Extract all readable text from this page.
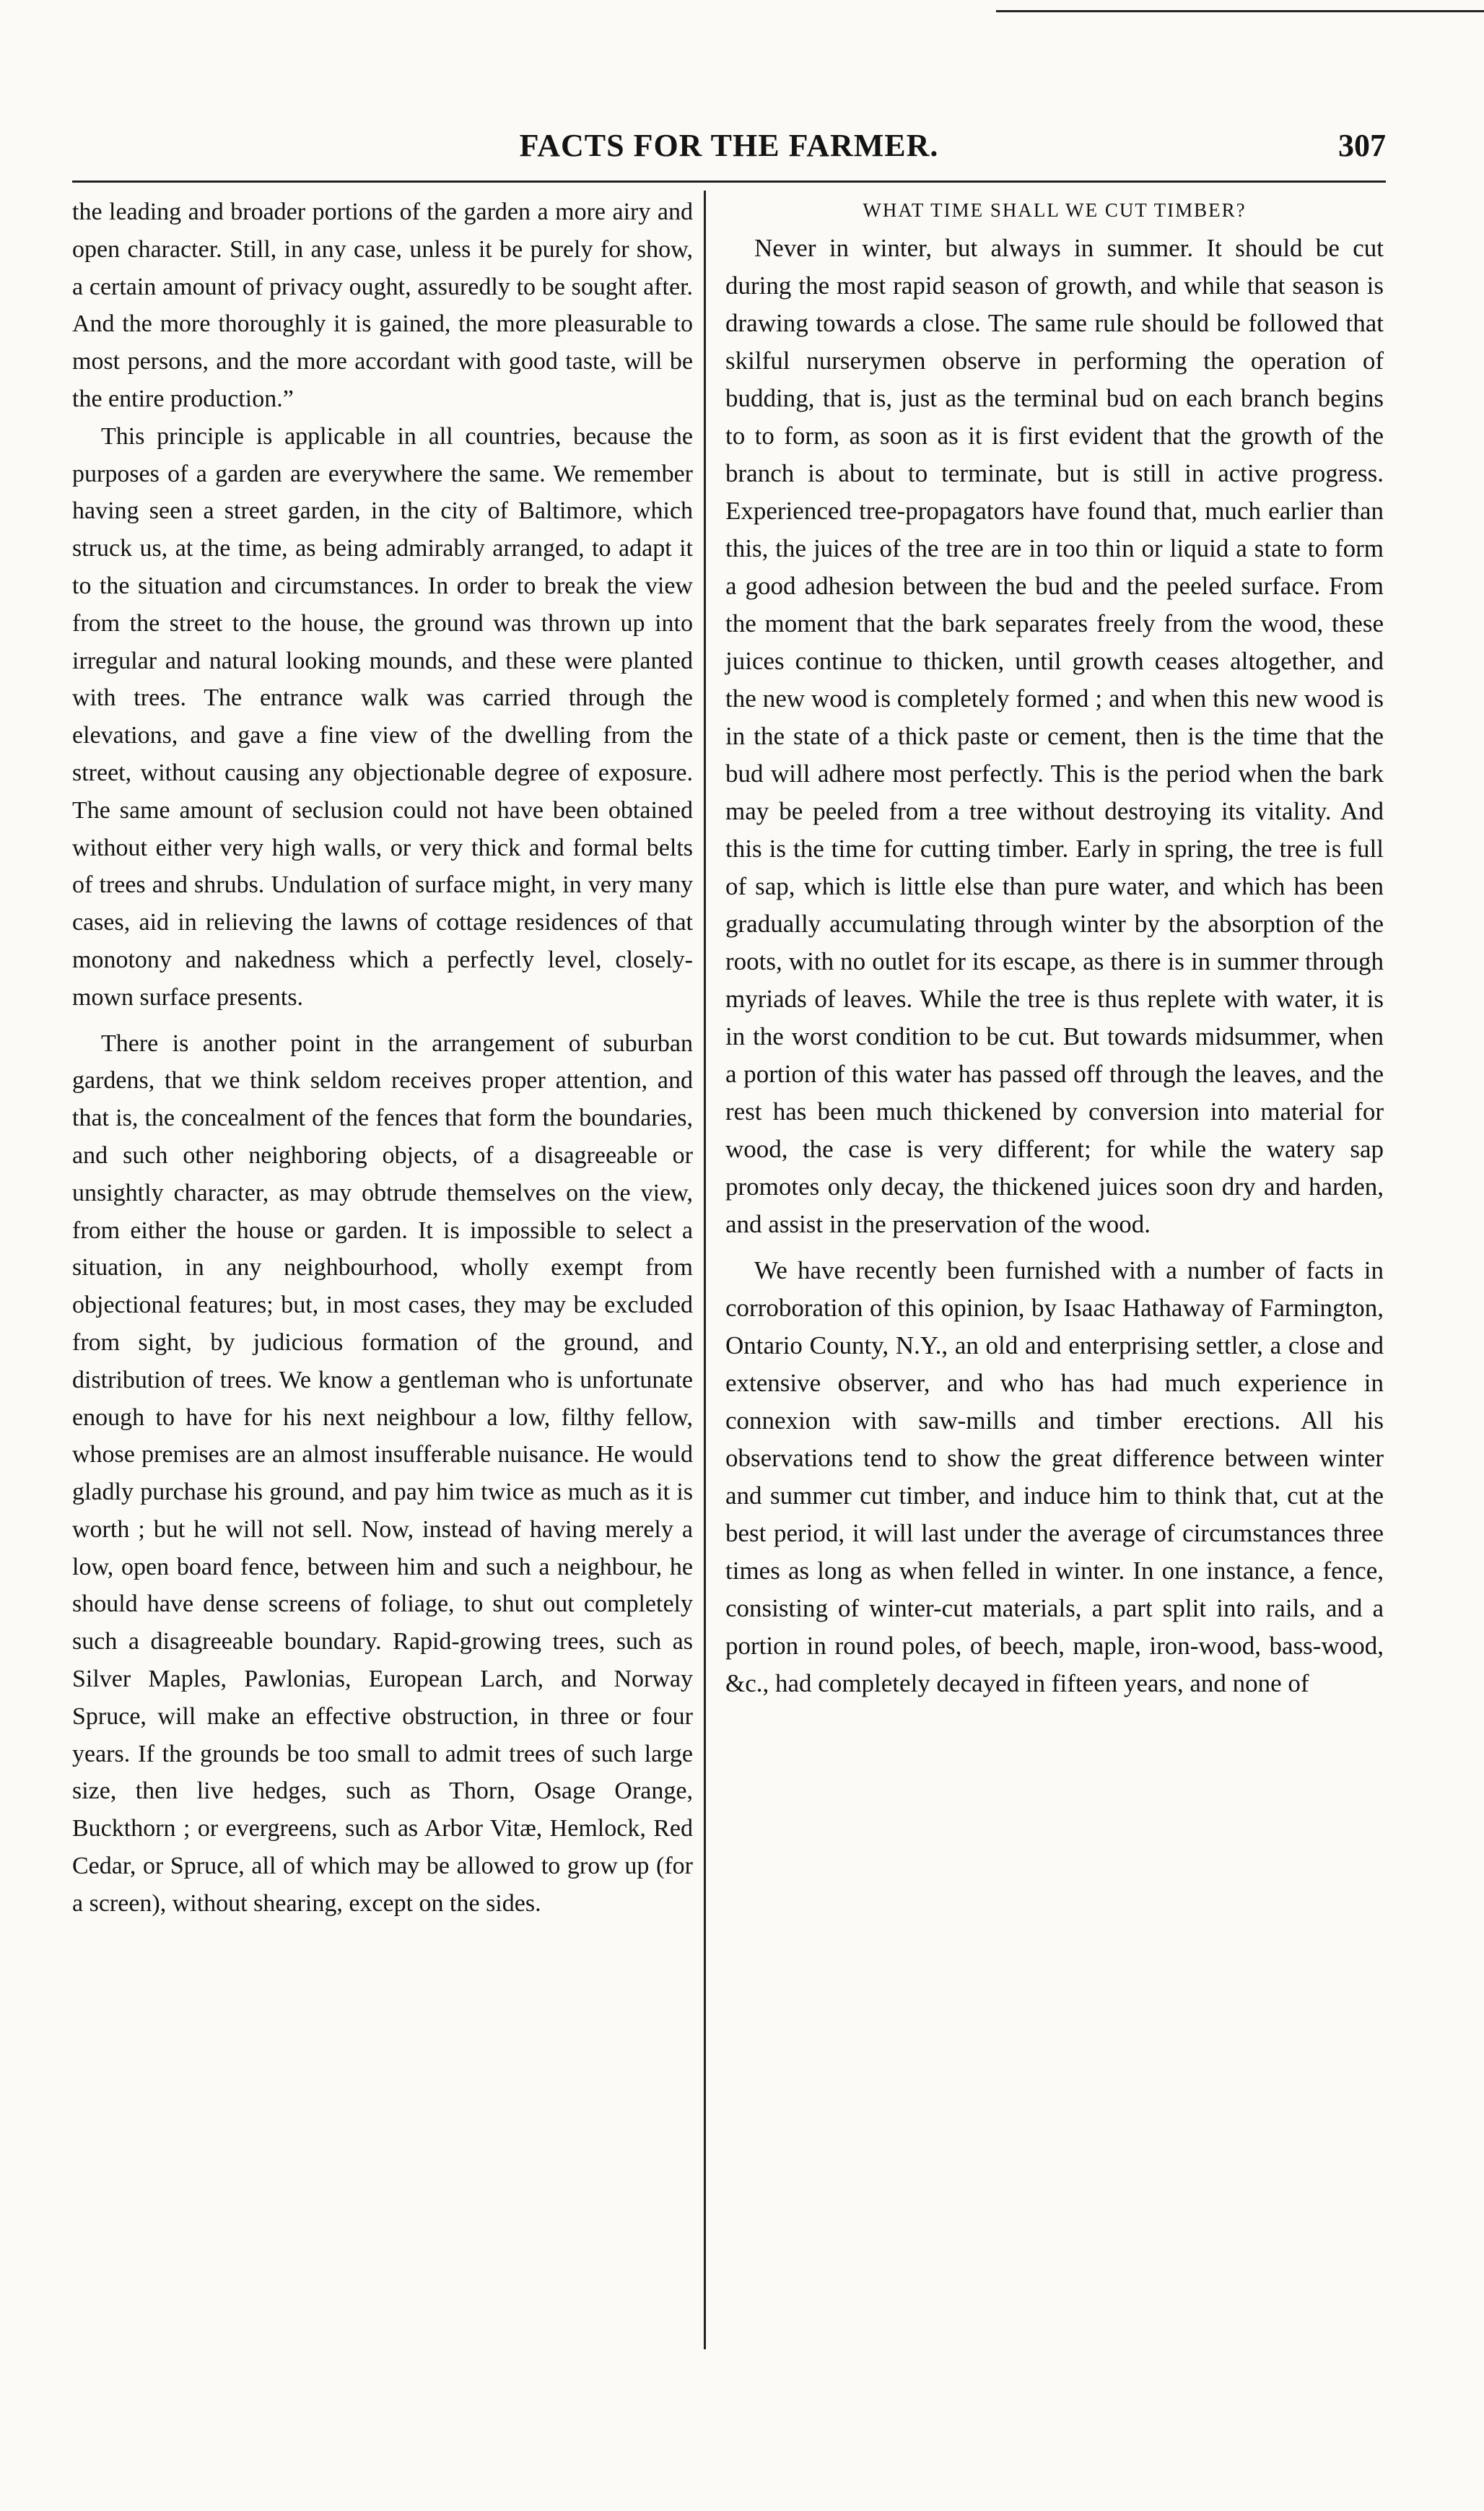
FACTS FOR THE FARMER.	307

the leading and broader portions of the garden a more airy and open character. Still, in any case, unless it be purely for show, a certain amount of privacy ought, assuredly to be sought after. And the more thoroughly it is gained, the more pleasurable to most persons, and the more accordant with good taste, will be the entire production.”

This principle is applicable in all countries, because the purposes of a garden are everywhere the same. We remember having seen a street garden, in the city of Baltimore, which struck us, at the time, as being admirably arranged, to adapt it to the situation and circumstances. In order to break the view from the street to the house, the ground was thrown up into irregular and natural looking mounds, and these were planted with trees. The entrance walk was carried through the elevations, and gave a fine view of the dwelling from the street, without causing any objectionable degree of exposure. The same amount of seclusion could not have been obtained without either very high walls, or very thick and formal belts of trees and shrubs. Undulation of surface might, in very many cases, aid in relieving the lawns of cottage residences of that monotony and nakedness which a perfectly level, closely-mown surface presents.

There is another point in the arrangement of suburban gardens, that we think seldom receives proper attention, and that is, the concealment of the fences that form the boundaries, and such other neighboring objects, of a disagreeable or unsightly character, as may obtrude themselves on the view, from either the house or garden. It is impossible to select a situation, in any neighbourhood, wholly exempt from objectional features; but, in most cases, they may be excluded from sight, by judicious formation of the ground, and distribution of trees. We know a gentleman who is unfortunate enough to have for his next neighbour a low, filthy fellow, whose premises are an almost insufferable nuisance. He would gladly purchase his ground, and pay him twice as much as it is worth ; but he will not sell. Now, instead of having merely a low, open board fence, between him and such a neighbour, he should have dense screens of foliage, to shut out completely such a disagreeable boundary. Rapid-growing trees, such as Silver Maples, Pawlonias, European Larch, and Norway Spruce, will make an effective obstruction, in three or four years. If the grounds be too small to admit trees of such large size, then live hedges, such as Thorn, Osage Orange, Buckthorn ; or evergreens, such as Arbor Vitæ, Hemlock, Red Cedar, or Spruce, all of which may be allowed to grow up (for a screen), without shearing, except on the sides.

WHAT TIME SHALL WE CUT TIMBER?

Never in winter, but always in summer. It should be cut during the most rapid season of growth, and while that season is drawing towards a close. The same rule should be followed that skilful nurserymen observe in performing the operation of budding, that is, just as the terminal bud on each branch begins to to form, as soon as it is first evident that the growth of the branch is about to terminate, but is still in active progress. Experienced tree-propagators have found that, much earlier than this, the juices of the tree are in too thin or liquid a state to form a good adhesion between the bud and the peeled surface. From the moment that the bark separates freely from the wood, these juices continue to thicken, until growth ceases altogether, and the new wood is completely formed ; and when this new wood is in the state of a thick paste or cement, then is the time that the bud will adhere most perfectly. This is the period when the bark may be peeled from a tree without destroying its vitality. And this is the time for cutting timber. Early in spring, the tree is full of sap, which is little else than pure water, and which has been gradually accumulating through winter by the absorption of the roots, with no outlet for its escape, as there is in summer through myriads of leaves. While the tree is thus replete with water, it is in the worst condition to be cut. But towards midsummer, when a portion of this water has passed off through the leaves, and the rest has been much thickened by conversion into material for wood, the case is very different; for while the watery sap promotes only decay, the thickened juices soon dry and harden, and assist in the preservation of the wood.

We have recently been furnished with a number of facts in corroboration of this opinion, by Isaac Hathaway of Farmington, Ontario County, N.Y., an old and enterprising settler, a close and extensive observer, and who has had much experience in connexion with saw-mills and timber erections. All his observations tend to show the great difference between winter and summer cut timber, and induce him to think that, cut at the best period, it will last under the average of circumstances three times as long as when felled in winter. In one instance, a fence, consisting of winter-cut materials, a part split into rails, and a portion in round poles, of beech, maple, iron-wood, bass-wood, &c., had completely decayed in fifteen years, and none of
